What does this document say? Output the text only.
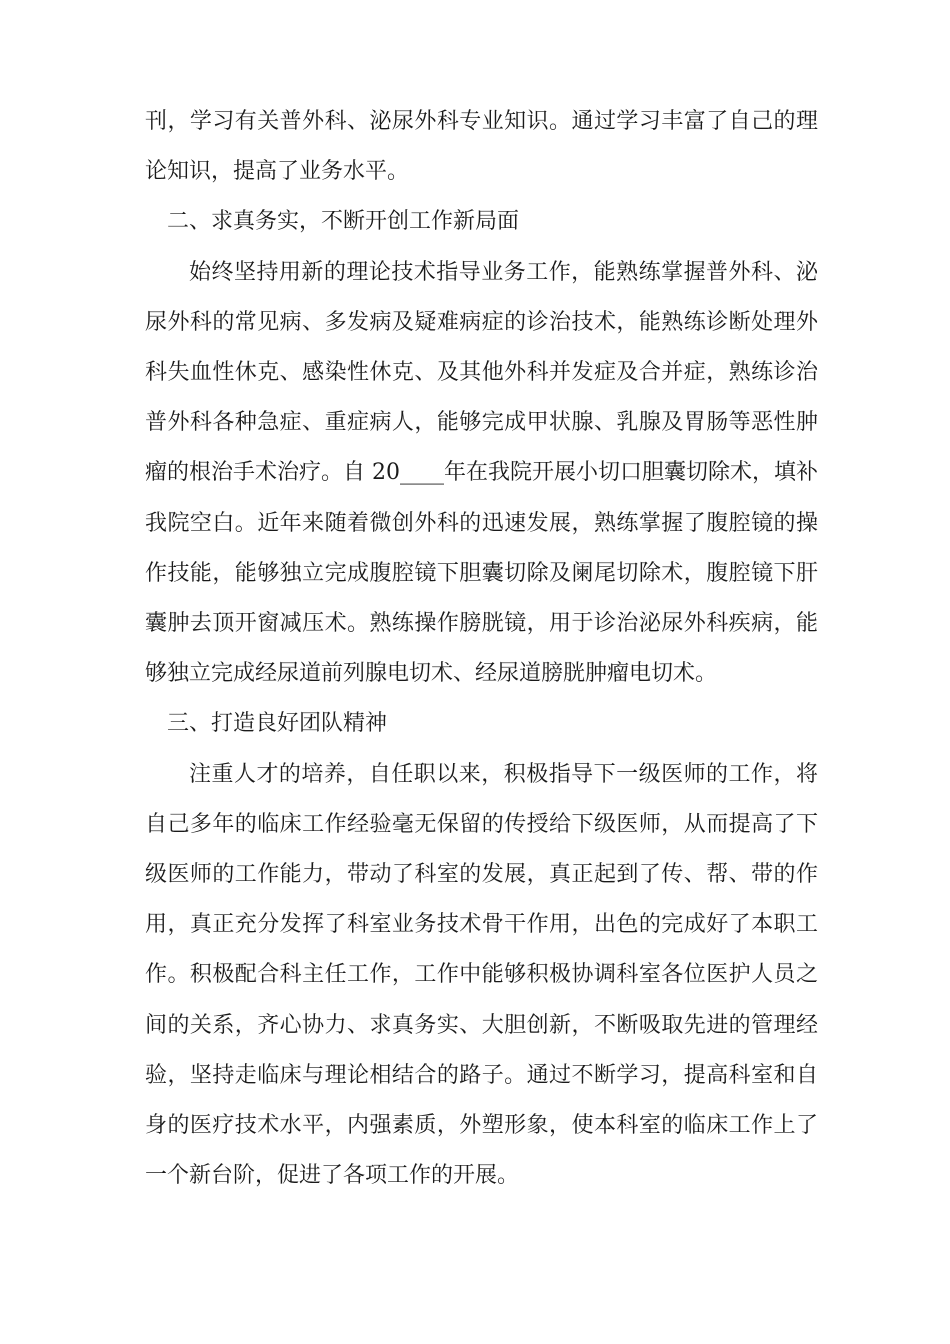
刊，学习有关普外科、泌尿外科专业知识。通过学习丰富了自己的理论知识，提高了业务水平。

二、求真务实，不断开创工作新局面

始终坚持用新的理论技术指导业务工作，能熟练掌握普外科、泌尿外科的常见病、多发病及疑难病症的诊治技术，能熟练诊断处理外科失血性休克、感染性休克、及其他外科并发症及合并症，熟练诊治普外科各种急症、重症病人，能够完成甲状腺、乳腺及胃肠等恶性肿瘤的根治手术治疗。自 20____年在我院开展小切口胆囊切除术，填补我院空白。近年来随着微创外科的迅速发展，熟练掌握了腹腔镜的操作技能，能够独立完成腹腔镜下胆囊切除及阑尾切除术，腹腔镜下肝囊肿去顶开窗减压术。熟练操作膀胱镜，用于诊治泌尿外科疾病，能够独立完成经尿道前列腺电切术、经尿道膀胱肿瘤电切术。

三、打造良好团队精神

注重人才的培养，自任职以来，积极指导下一级医师的工作，将自己多年的临床工作经验毫无保留的传授给下级医师，从而提高了下级医师的工作能力，带动了科室的发展，真正起到了传、帮、带的作用，真正充分发挥了科室业务技术骨干作用，出色的完成好了本职工作。积极配合科主任工作，工作中能够积极协调科室各位医护人员之间的关系，齐心协力、求真务实、大胆创新，不断吸取先进的管理经验，坚持走临床与理论相结合的路子。通过不断学习，提高科室和自身的医疗技术水平，内强素质，外塑形象，使本科室的临床工作上了一个新台阶，促进了各项工作的开展。
